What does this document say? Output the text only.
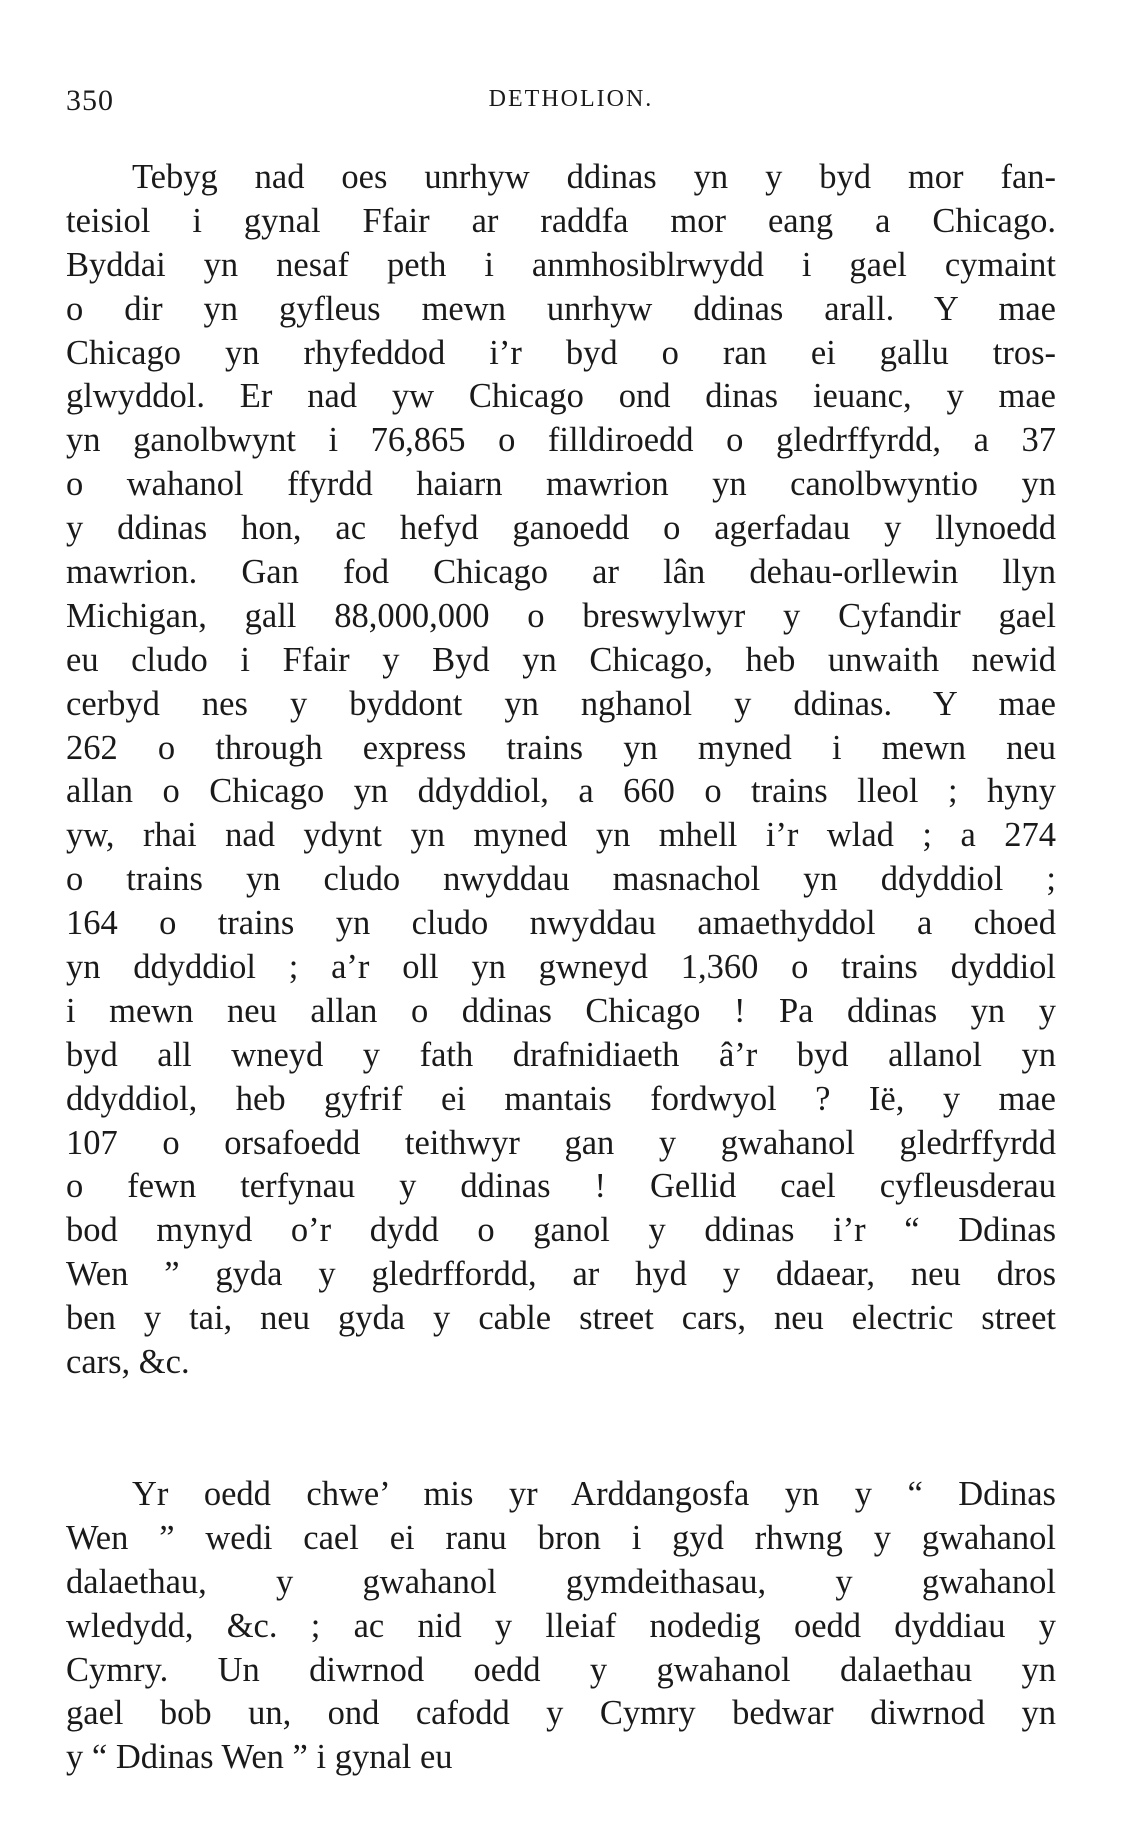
350	DETHOLION.
Tebyg nad oes unrhyw ddinas yn y byd mor fan-
teisiol i gynal Ffair ar raddfa mor eang a Chicago.
Byddai yn nesaf peth i anmhosiblrwydd i gael cymaint
o dir yn gyfleus mewn unrhyw ddinas arall. Y mae
Chicago yn rhyfeddod i’r byd o ran ei gallu tros-
glwyddol. Er nad yw Chicago ond dinas ieuanc, y mae
yn ganolbwynt i 76,865 o filldiroedd o gledrffyrdd, a 37
o wahanol ffyrdd haiarn mawrion yn canolbwyntio yn
y ddinas hon, ac hefyd ganoedd o agerfadau y llynoedd
mawrion. Gan fod Chicago ar lân dehau-orllewin llyn
Michigan, gall 88,000,000 o breswylwyr y Cyfandir gael
eu cludo i Ffair y Byd yn Chicago, heb unwaith newid
cerbyd nes y byddont yn nghanol y ddinas. Y mae
262 o through express trains yn myned i mewn neu
allan o Chicago yn ddyddiol, a 660 o trains lleol ; hyny
yw, rhai nad ydynt yn myned yn mhell i’r wlad ; a 274
o trains yn cludo nwyddau masnachol yn ddyddiol ;
164 o trains yn cludo nwyddau amaethyddol a choed
yn ddyddiol ; a’r oll yn gwneyd 1,360 o trains dyddiol
i mewn neu allan o ddinas Chicago ! Pa ddinas yn y
byd all wneyd y fath drafnidiaeth â’r byd allanol yn
ddyddiol, heb gyfrif ei mantais fordwyol ? Ië, y mae
107 o orsafoedd teithwyr gan y gwahanol gledrffyrdd
o fewn terfynau y ddinas ! Gellid cael cyfleusderau
bod mynyd o’r dydd o ganol y ddinas i’r “ Ddinas
Wen ” gyda y gledrffordd, ar hyd y ddaear, neu dros
ben y tai, neu gyda y cable street cars, neu electric street
cars, &c.
Yr oedd chwe’ mis yr Arddangosfa yn y “ Ddinas
Wen ” wedi cael ei ranu bron i gyd rhwng y gwahanol
dalaethau, y gwahanol gymdeithasau, y gwahanol
wledydd, &c. ; ac nid y lleiaf nodedig oedd dyddiau y
Cymry. Un diwrnod oedd y gwahanol dalaethau yn
gael bob un, ond cafodd y Cymry bedwar diwrnod yn
y “ Ddinas Wen ” i gynal eu
